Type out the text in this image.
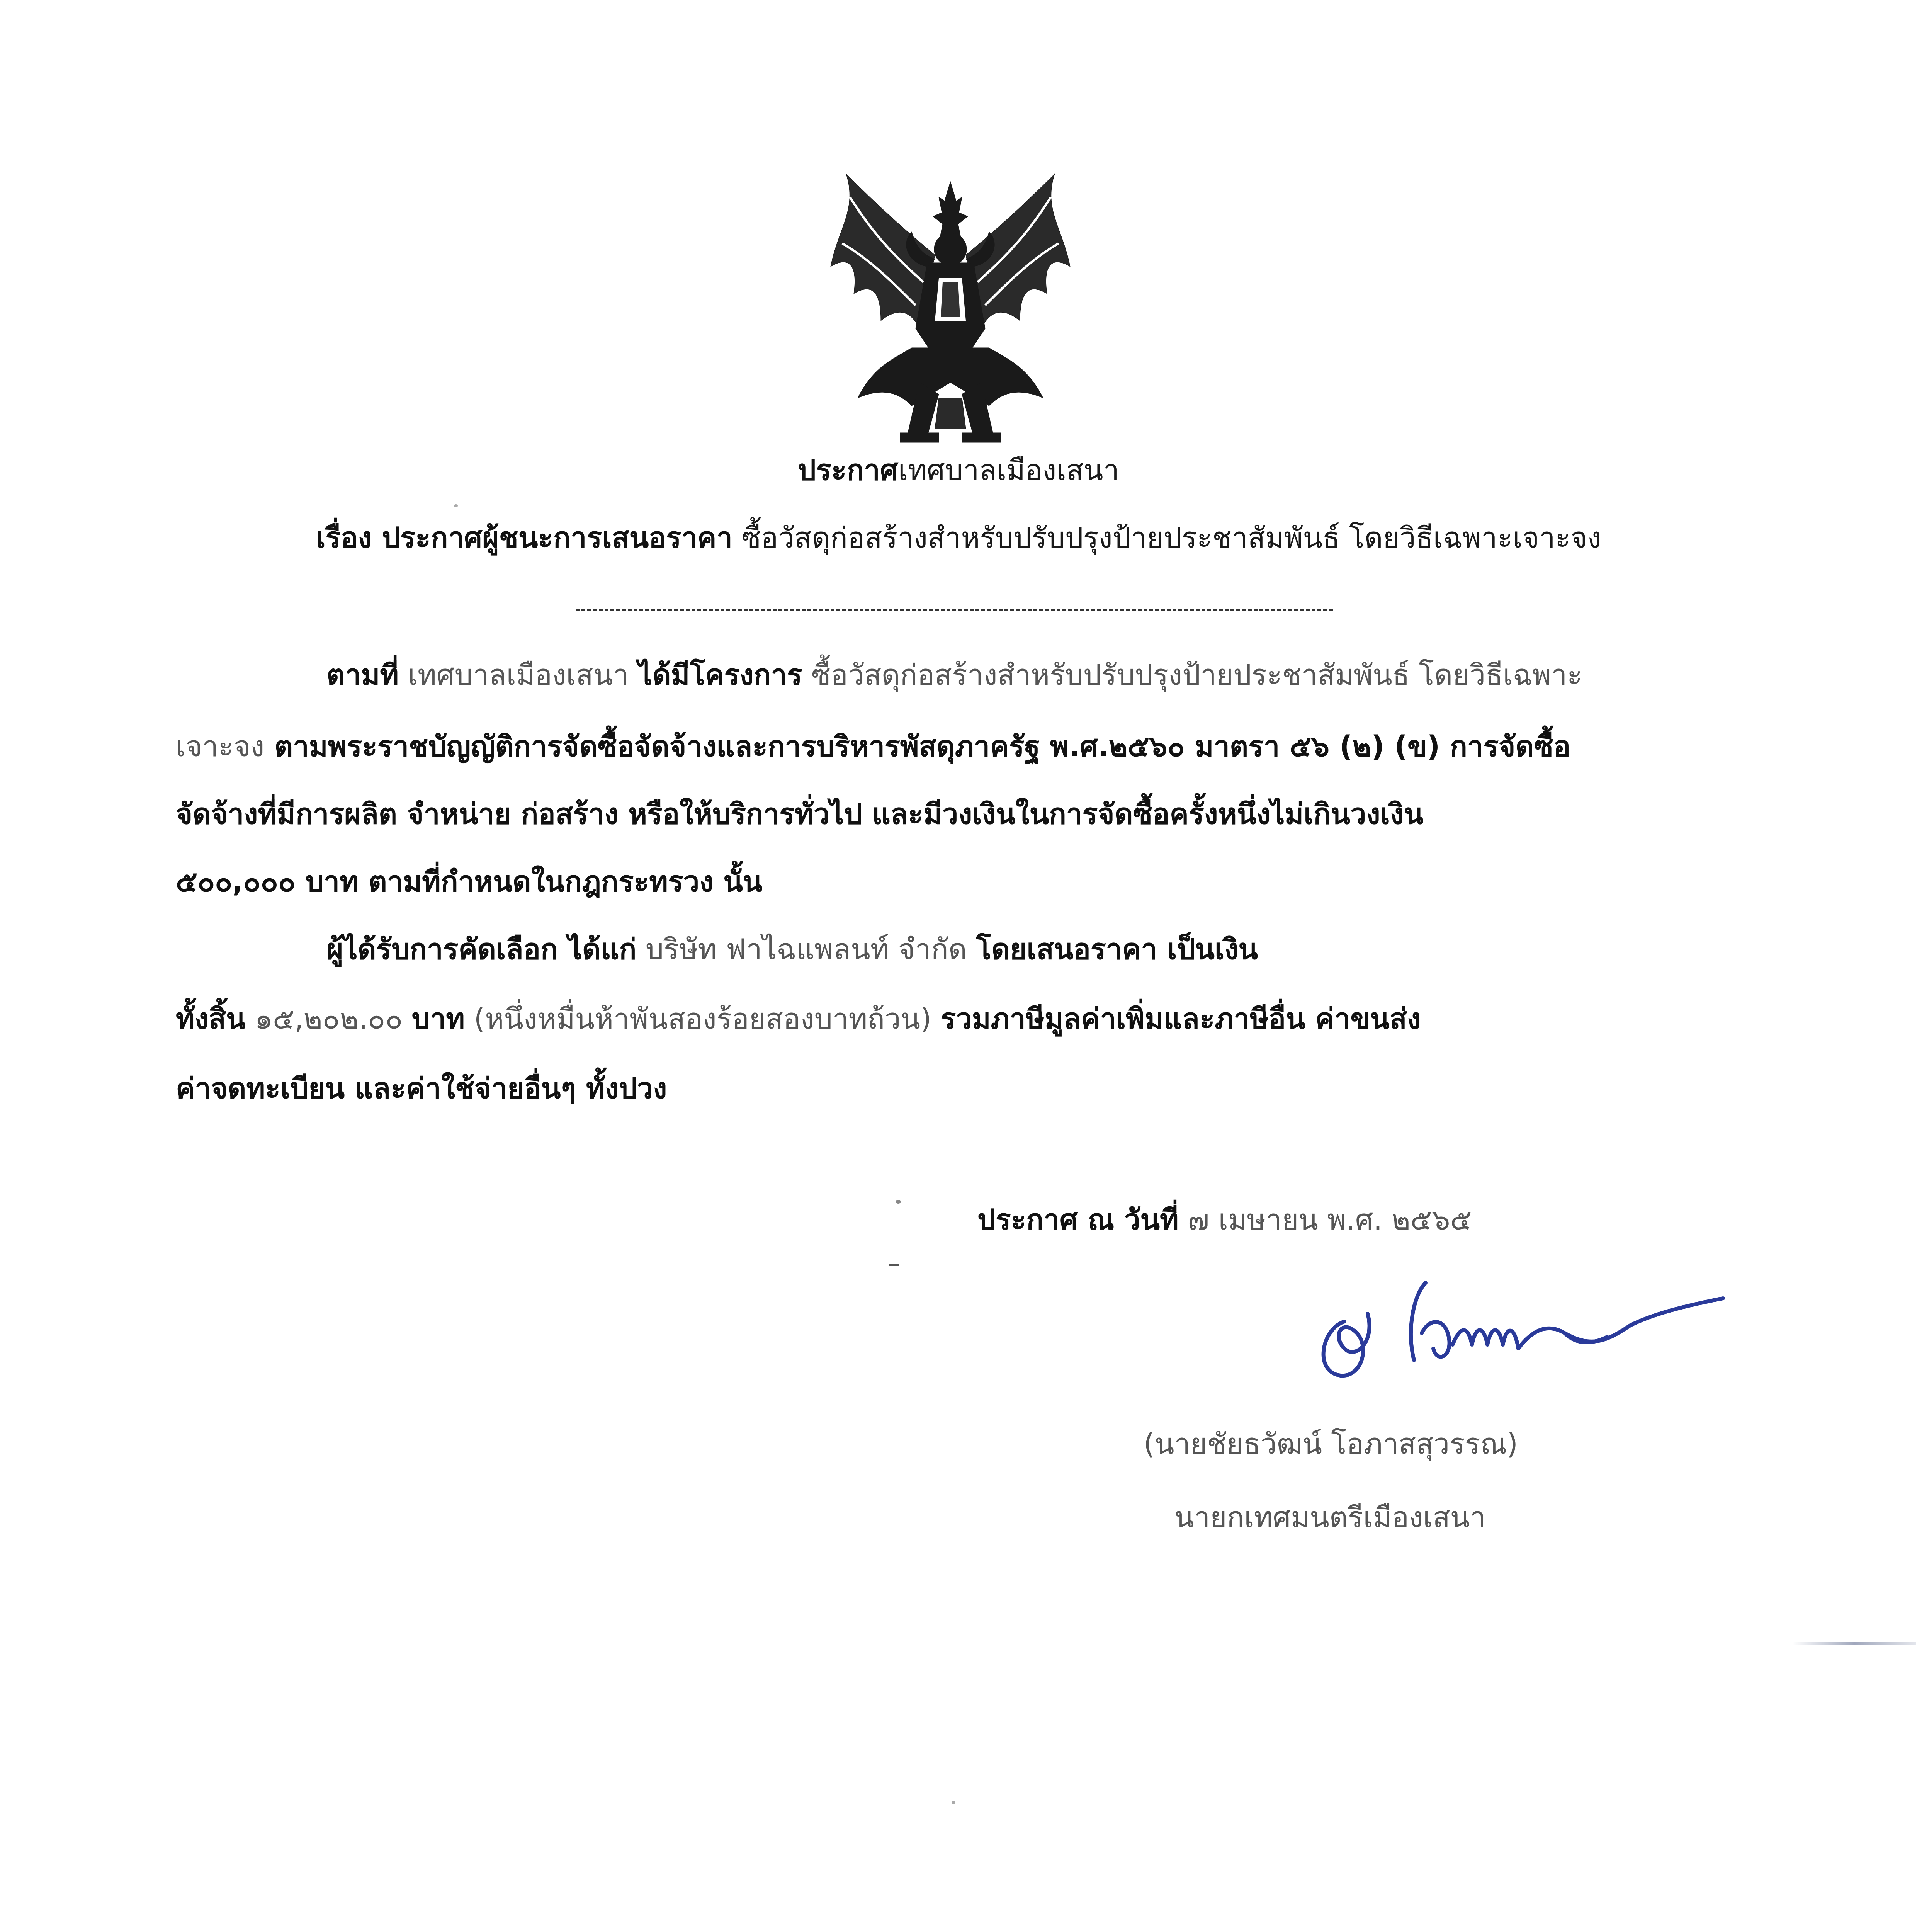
ประกาศเทศบาลเมืองเสนา
เรื่อง ประกาศผู้ชนะการเสนอราคา ซื้อวัสดุก่อสร้างสำหรับปรับปรุงป้ายประชาสัมพันธ์ โดยวิธีเฉพาะเจาะจง
ตามที่ เทศบาลเมืองเสนา ได้มีโครงการ ซื้อวัสดุก่อสร้างสำหรับปรับปรุงป้ายประชาสัมพันธ์ โดยวิธีเฉพาะ
เจาะจง ตามพระราชบัญญัติการจัดซื้อจัดจ้างและการบริหารพัสดุภาครัฐ พ.ศ.๒๕๖๐ มาตรา ๕๖ (๒) (ข) การจัดซื้อ
จัดจ้างที่มีการผลิต จำหน่าย ก่อสร้าง หรือให้บริการทั่วไป และมีวงเงินในการจัดซื้อครั้งหนึ่งไม่เกินวงเงิน
๕๐๐,๐๐๐ บาท ตามที่กำหนดในกฎกระทรวง นั้น
ผู้ได้รับการคัดเลือก ได้แก่ บริษัท ฟาไฉแพลนท์ จำกัด โดยเสนอราคา เป็นเงิน
ทั้งสิ้น ๑๕,๒๐๒.๐๐ บาท (หนึ่งหมื่นห้าพันสองร้อยสองบาทถ้วน) รวมภาษีมูลค่าเพิ่มและภาษีอื่น ค่าขนส่ง
ค่าจดทะเบียน และค่าใช้จ่ายอื่นๆ ทั้งปวง
ประกาศ ณ วันที่ ๗ เมษายน พ.ศ. ๒๕๖๕
(นายชัยธวัฒน์ โอภาสสุวรรณ)
นายกเทศมนตรีเมืองเสนา
